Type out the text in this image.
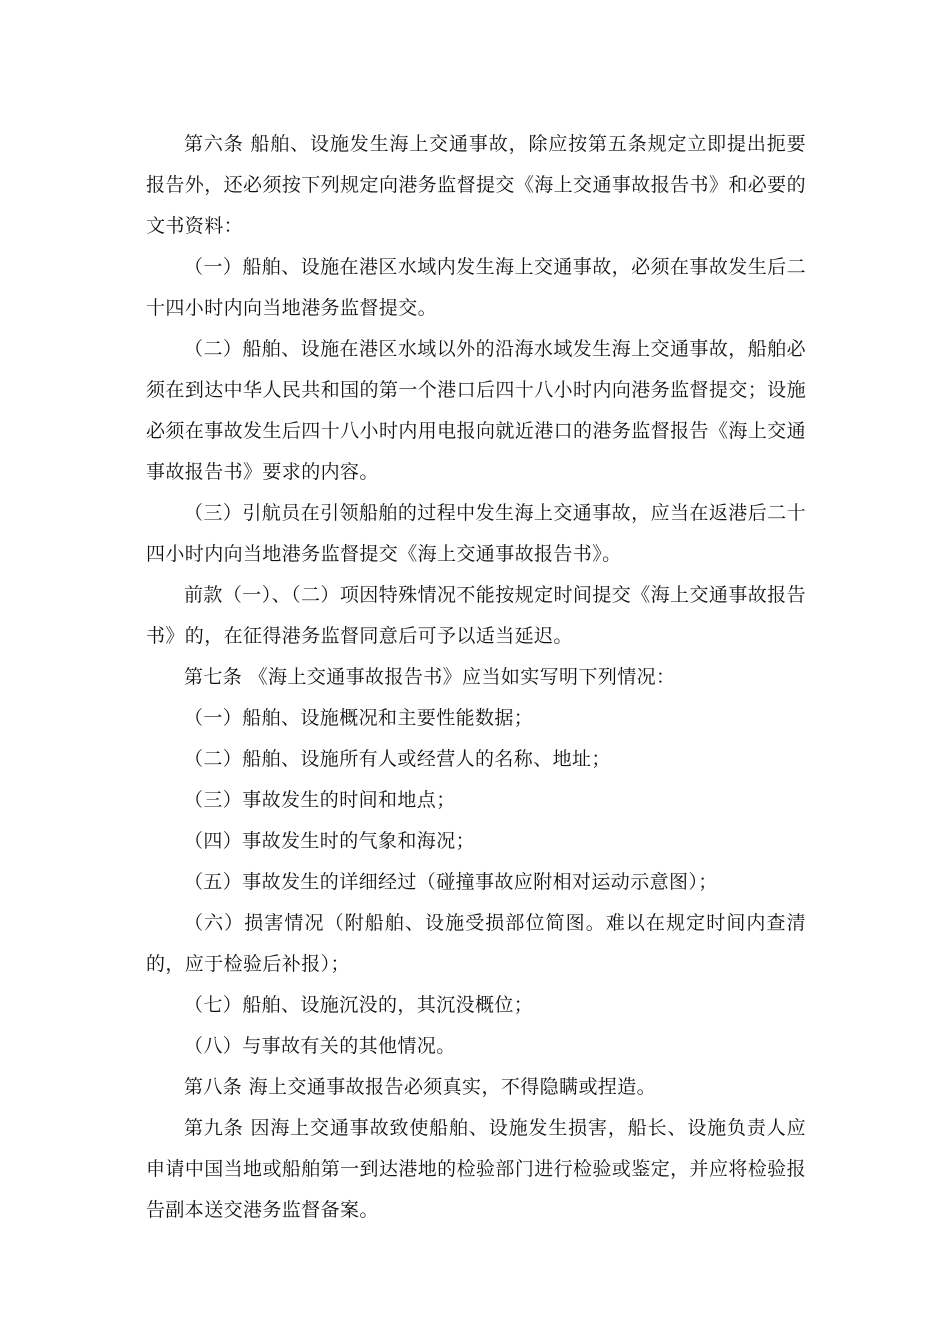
第六条 船舶、设施发生海上交通事故，除应按第五条规定立即提出扼要报告外，还必须按下列规定向港务监督提交《海上交通事故报告书》和必要的文书资料：

（一）船舶、设施在港区水域内发生海上交通事故，必须在事故发生后二十四小时内向当地港务监督提交。

（二）船舶、设施在港区水域以外的沿海水域发生海上交通事故，船舶必须在到达中华人民共和国的第一个港口后四十八小时内向港务监督提交；设施必须在事故发生后四十八小时内用电报向就近港口的港务监督报告《海上交通事故报告书》要求的内容。

（三）引航员在引领船舶的过程中发生海上交通事故，应当在返港后二十四小时内向当地港务监督提交《海上交通事故报告书》。

前款（一）、（二）项因特殊情况不能按规定时间提交《海上交通事故报告书》的，在征得港务监督同意后可予以适当延迟。

第七条 《海上交通事故报告书》应当如实写明下列情况：

（一）船舶、设施概况和主要性能数据；

（二）船舶、设施所有人或经营人的名称、地址；

（三）事故发生的时间和地点；

（四）事故发生时的气象和海况；

（五）事故发生的详细经过（碰撞事故应附相对运动示意图）；

（六）损害情况（附船舶、设施受损部位简图。难以在规定时间内查清的，应于检验后补报）；

（七）船舶、设施沉没的，其沉没概位；

（八）与事故有关的其他情况。

第八条 海上交通事故报告必须真实，不得隐瞒或捏造。

第九条 因海上交通事故致使船舶、设施发生损害，船长、设施负责人应申请中国当地或船舶第一到达港地的检验部门进行检验或鉴定，并应将检验报告副本送交港务监督备案。
